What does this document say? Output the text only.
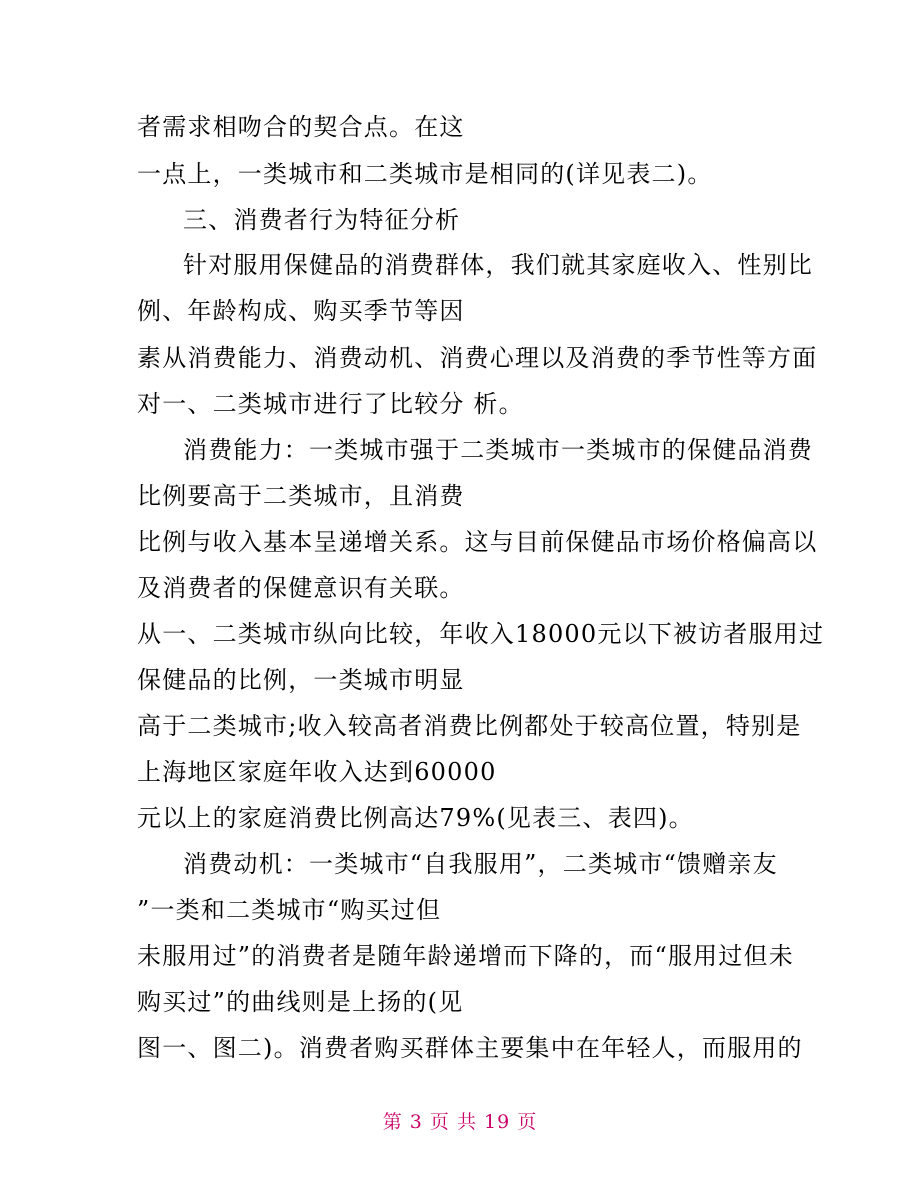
者需求相吻合的契合点。在这
一点上，一类城市和二类城市是相同的(详见表二)。
三、消费者行为特征分析
针对服用保健品的消费群体，我们就其家庭收入、性别比
例、年龄构成、购买季节等因
素从消费能力、消费动机、消费心理以及消费的季节性等方面
对一、二类城市进行了比较分 析。
消费能力：一类城市强于二类城市一类城市的保健品消费
比例要高于二类城市，且消费
比例与收入基本呈递增关系。这与目前保健品市场价格偏高以
及消费者的保健意识有关联。
从一、二类城市纵向比较，年收入18000元以下被访者服用过
保健品的比例，一类城市明显
高于二类城市;收入较高者消费比例都处于较高位置，特别是
上海地区家庭年收入达到60000
元以上的家庭消费比例高达79%(见表三、表四)。
消费动机：一类城市“自我服用”，二类城市“馈赠亲友
”一类和二类城市“购买过但
未服用过”的消费者是随年龄递增而下降的，而“服用过但未
购买过”的曲线则是上扬的(见
图一、图二)。消费者购买群体主要集中在年轻人，而服用的
第 3 页 共 19 页
